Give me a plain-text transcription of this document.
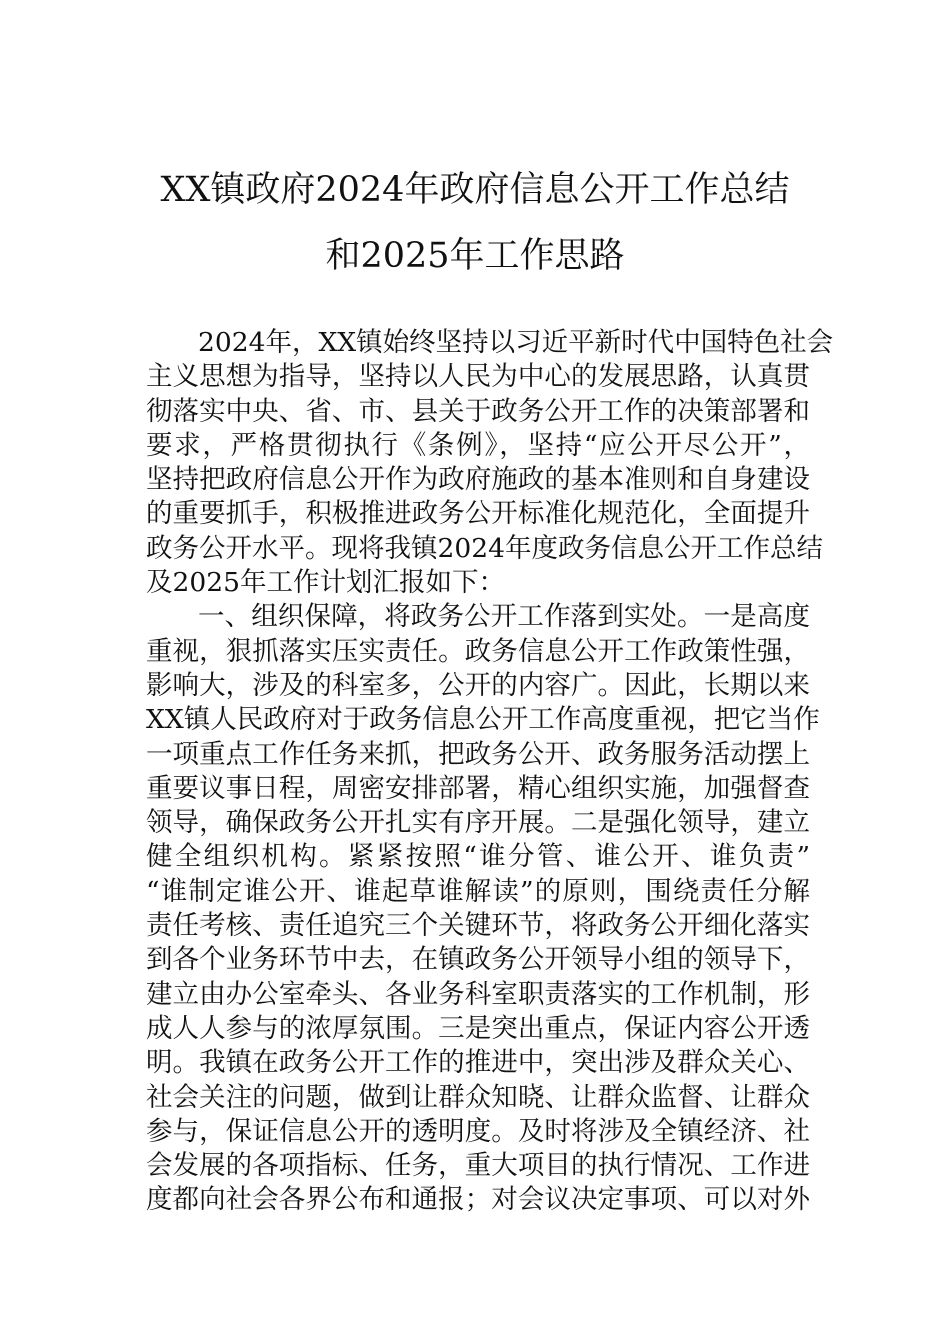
XX镇政府2024年政府信息公开工作总结
和2025年工作思路
2024年，XX镇始终坚持以习近平新时代中国特色社会
主义思想为指导，坚持以人民为中心的发展思路，认真贯
彻落实中央、省、市、县关于政务公开工作的决策部署和
要求，严格贯彻执行《条例》，坚持“应公开尽公开”，
坚持把政府信息公开作为政府施政的基本准则和自身建设
的重要抓手，积极推进政务公开标准化规范化，全面提升
政务公开水平。现将我镇2024年度政务信息公开工作总结
及2025年工作计划汇报如下：
一、组织保障，将政务公开工作落到实处。一是高度
重视，狠抓落实压实责任。政务信息公开工作政策性强，
影响大，涉及的科室多，公开的内容广。因此，长期以来
XX镇人民政府对于政务信息公开工作高度重视，把它当作
一项重点工作任务来抓，把政务公开、政务服务活动摆上
重要议事日程，周密安排部署，精心组织实施，加强督查
领导，确保政务公开扎实有序开展。二是强化领导，建立
健全组织机构。紧紧按照“谁分管、谁公开、谁负责”
“谁制定谁公开、谁起草谁解读”的原则，围绕责任分解
责任考核、责任追究三个关键环节，将政务公开细化落实
到各个业务环节中去，在镇政务公开领导小组的领导下，
建立由办公室牵头、各业务科室职责落实的工作机制，形
成人人参与的浓厚氛围。三是突出重点，保证内容公开透
明。我镇在政务公开工作的推进中，突出涉及群众关心、
社会关注的问题，做到让群众知晓、让群众监督、让群众
参与，保证信息公开的透明度。及时将涉及全镇经济、社
会发展的各项指标、任务，重大项目的执行情况、工作进
度都向社会各界公布和通报；对会议决定事项、可以对外
